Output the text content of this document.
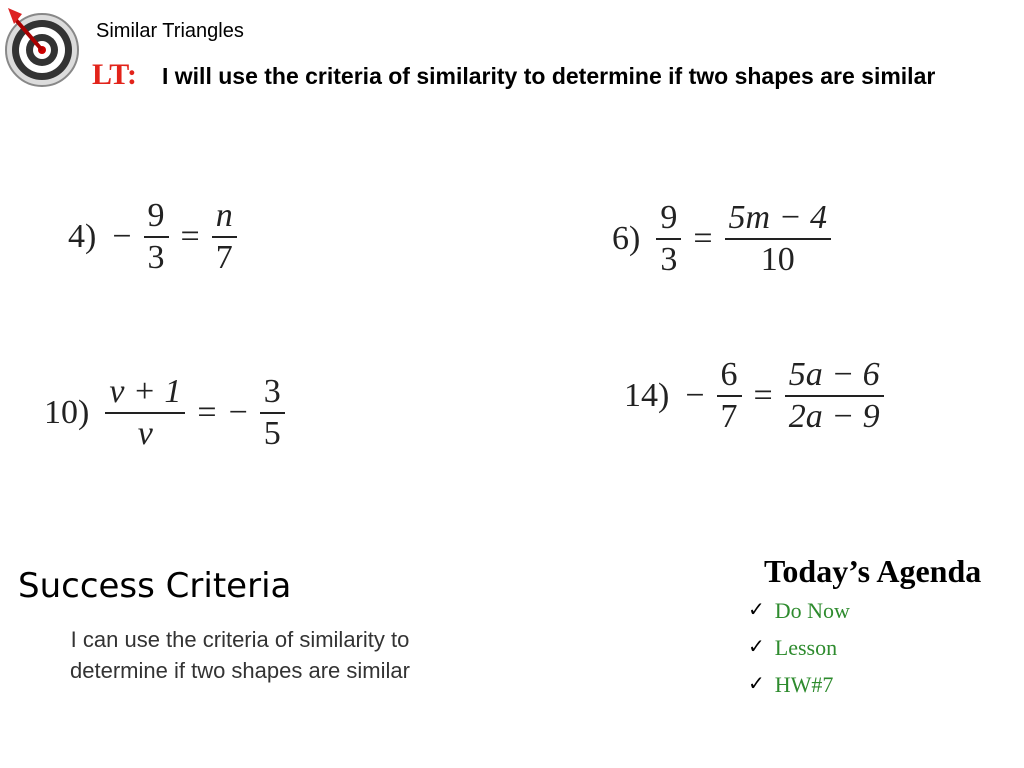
Similar Triangles
LT: I will use the criteria of similarity to determine if two shapes are similar
$4) - \frac{9}{3} = \frac{n}{7}$	$6) \frac{9}{3} = \frac{5m - 4}{10}$
$10) \frac{v + 1}{v}$ = − $\frac{3}{5}$	$14) - \frac{6}{7} = \frac{5a - 6}{2a - 9}$
Success Criteria
I can use the criteria of similarity to determine if two shapes are similar
Today’s Agenda
✓ Do Now
✓ Lesson
✓ HW#7
